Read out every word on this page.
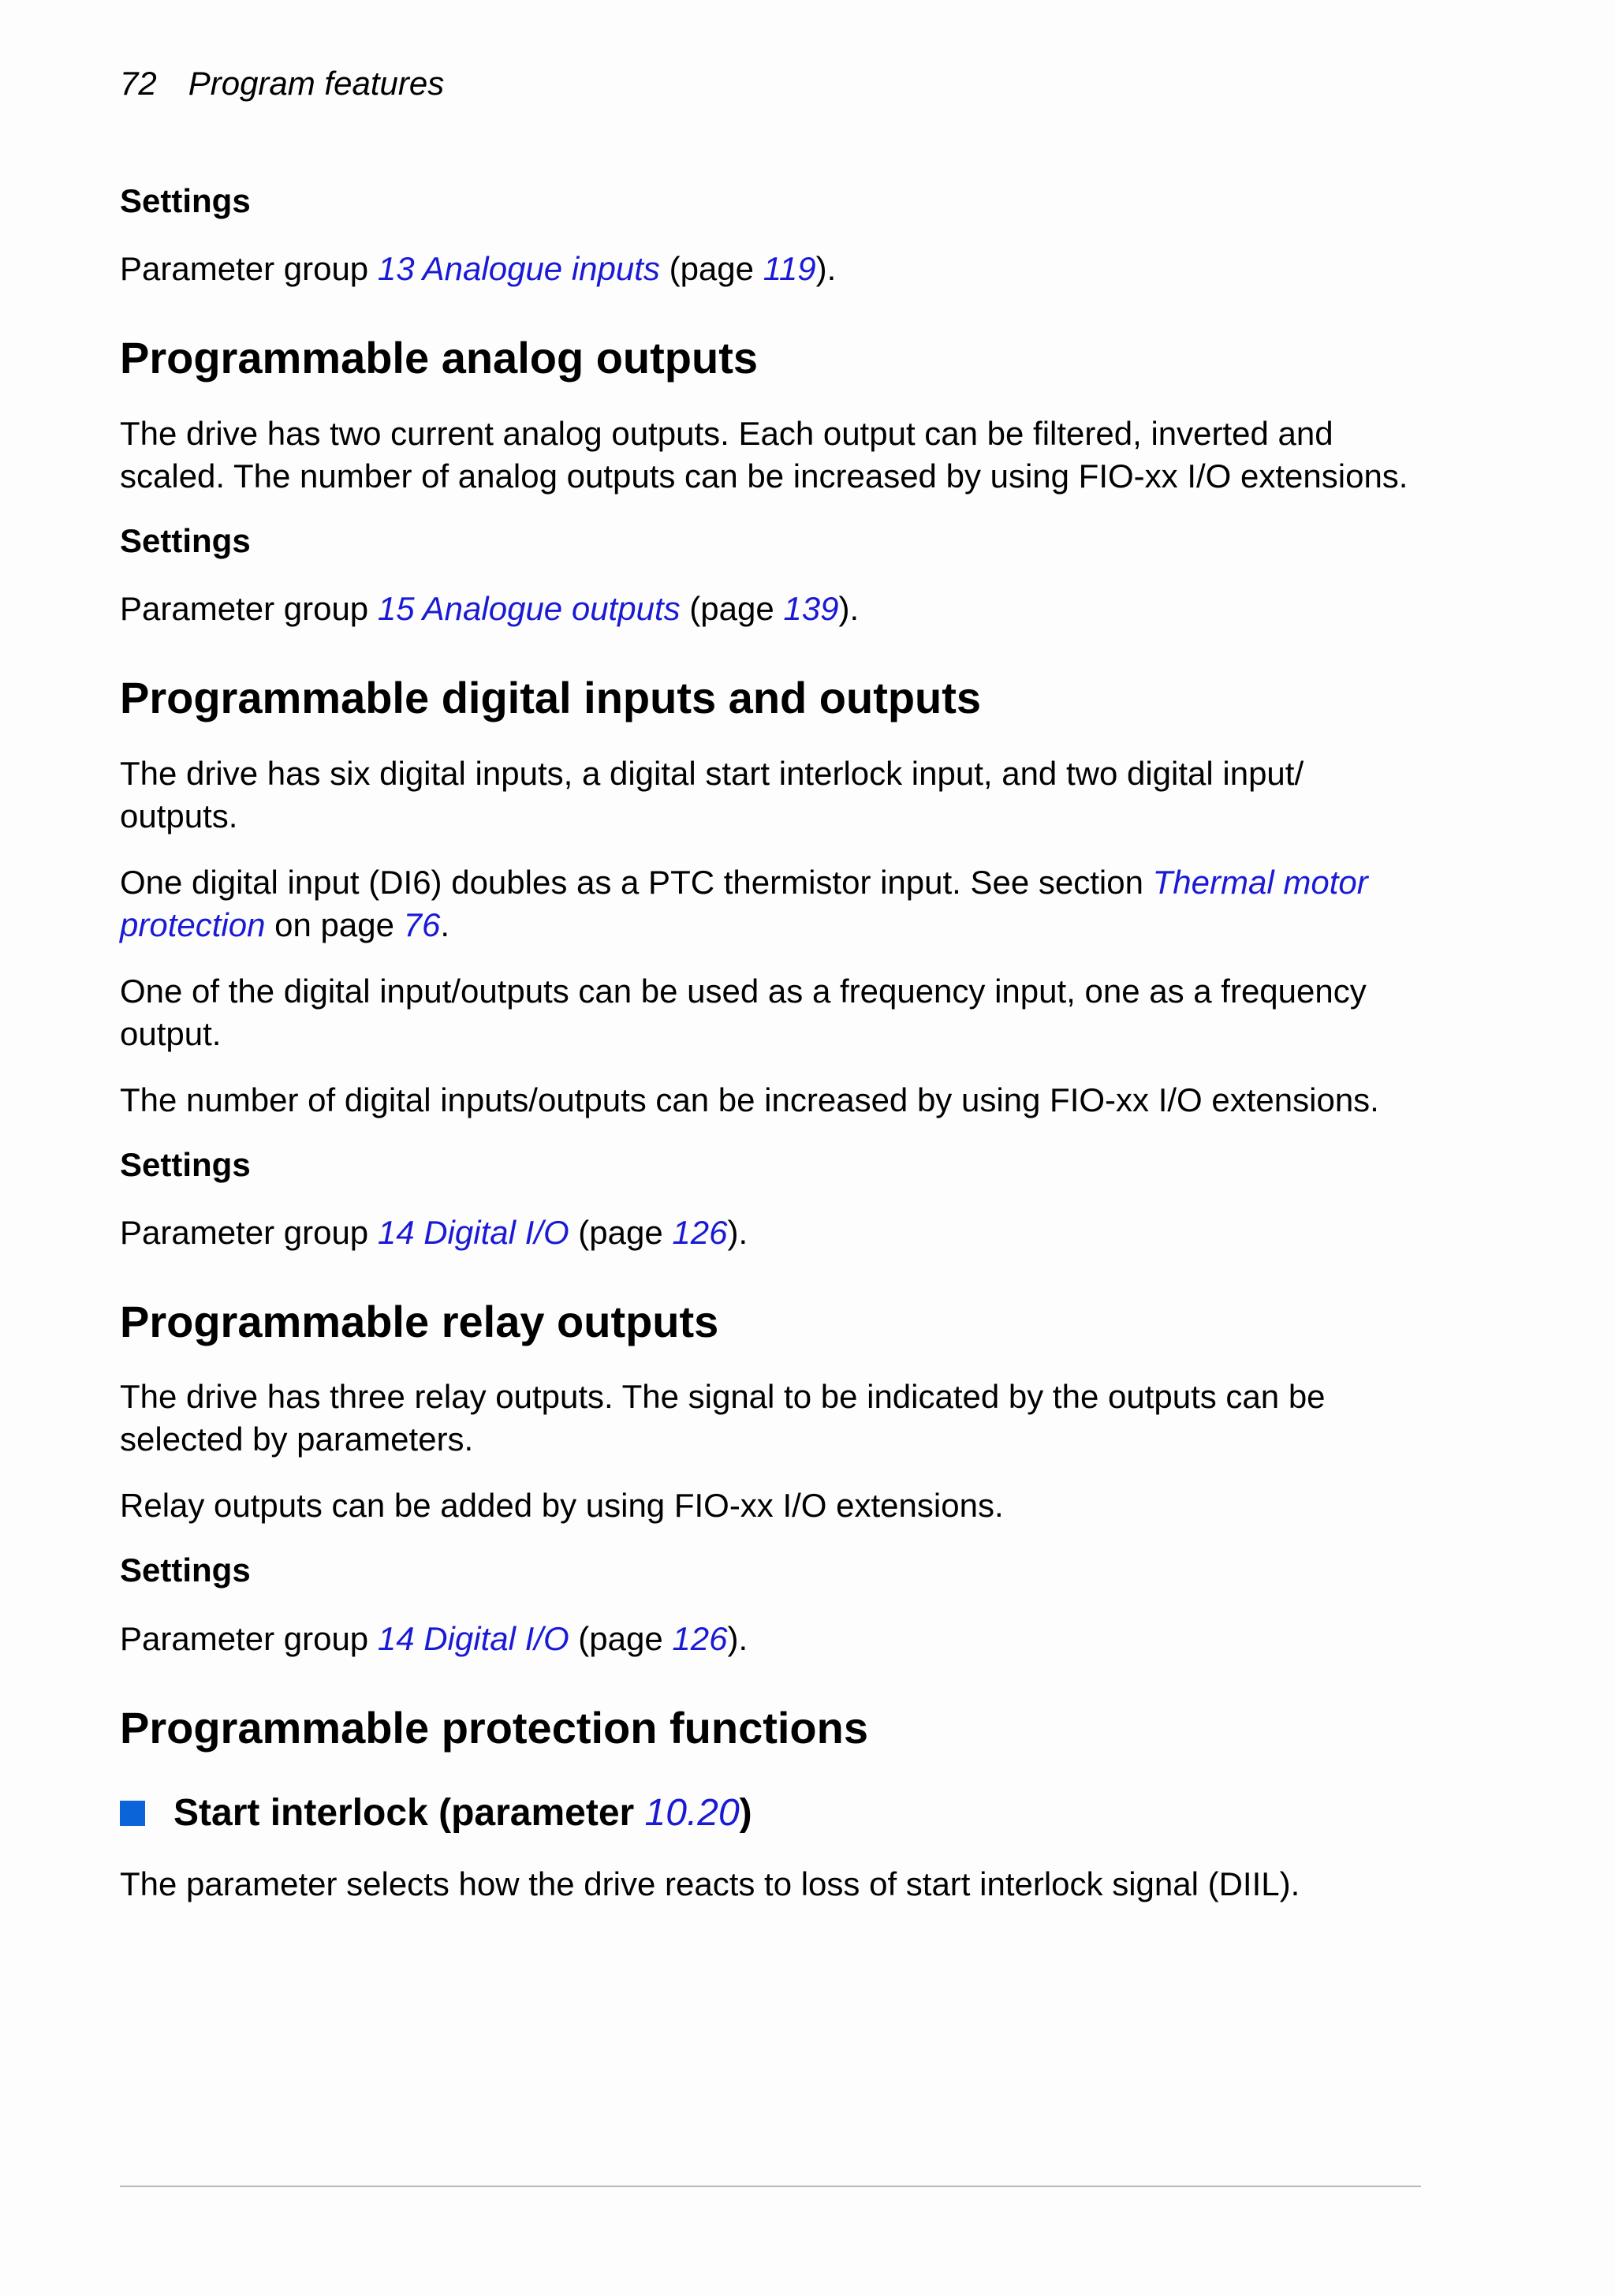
72 Program features
Settings

Parameter group 13 Analogue inputs (page 119).

Programmable analog outputs

The drive has two current analog outputs. Each output can be filtered, inverted and scaled. The number of analog outputs can be increased by using FIO-xx I/O extensions.

Settings

Parameter group 15 Analogue outputs (page 139).

Programmable digital inputs and outputs

The drive has six digital inputs, a digital start interlock input, and two digital input/ outputs.

One digital input (DI6) doubles as a PTC thermistor input. See section Thermal motor protection on page 76.

One of the digital input/outputs can be used as a frequency input, one as a frequency output.

The number of digital inputs/outputs can be increased by using FIO-xx I/O extensions.

Settings

Parameter group 14 Digital I/O (page 126).

Programmable relay outputs

The drive has three relay outputs. The signal to be indicated by the outputs can be selected by parameters.

Relay outputs can be added by using FIO-xx I/O extensions.

Settings

Parameter group 14 Digital I/O (page 126).

Programmable protection functions
Start interlock (parameter
10.20 )

The parameter selects how the drive reacts to loss of start interlock signal (DIIL).
